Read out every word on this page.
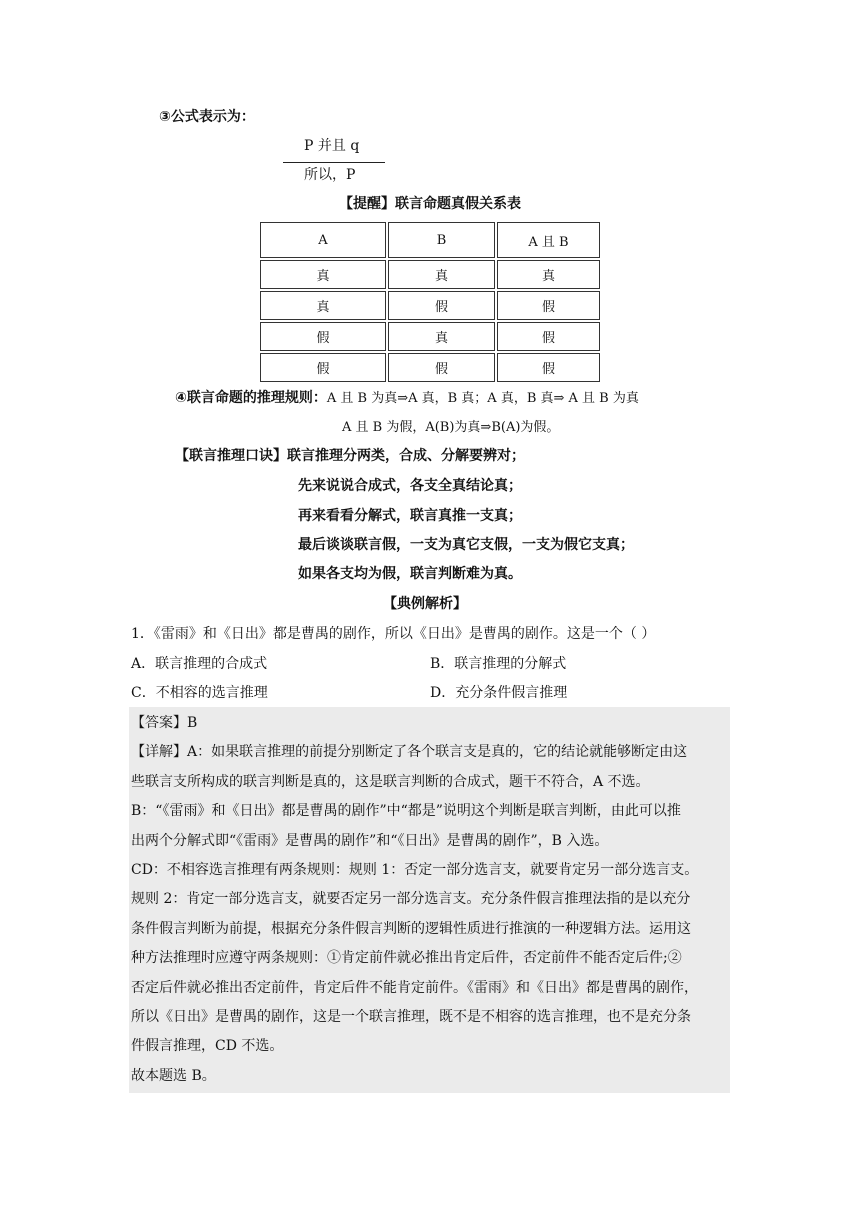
③公式表示为：
P 并且 q
所以，P
【提醒】联言命题真假关系表
A	B	A 且 B
真	真	真
真	假	假
假	真	假
假	假	假
④联言命题的推理规则：A 且 B 为真⇒A 真，B 真；A 真，B 真⇒ A 且 B 为真
A 且 B 为假，A(B)为真⇒B(A)为假。
【联言推理口诀】联言推理分两类，合成、分解要辨对；
先来说说合成式，各支全真结论真；
再来看看分解式，联言真推一支真；
最后谈谈联言假，一支为真它支假，一支为假它支真；
如果各支均为假，联言判断难为真。
【典例解析】
1．《雷雨》和《日出》都是曹禺的剧作，所以《日出》是曹禺的剧作。这是一个（ ）
A．联言推理的合成式	B．联言推理的分解式
C．不相容的选言推理	D．充分条件假言推理
【答案】B
【详解】A：如果联言推理的前提分别断定了各个联言支是真的，它的结论就能够断定由这
些联言支所构成的联言判断是真的，这是联言判断的合成式，题干不符合，A 不选。
B：“《雷雨》和《日出》都是曹禺的剧作”中“都是”说明这个判断是联言判断，由此可以推
出两个分解式即“《雷雨》是曹禺的剧作”和“《日出》是曹禺的剧作”，B 入选。
CD：不相容选言推理有两条规则：规则 1：否定一部分选言支，就要肯定另一部分选言支。
规则 2：肯定一部分选言支，就要否定另一部分选言支。充分条件假言推理法指的是以充分
条件假言判断为前提，根据充分条件假言判断的逻辑性质进行推演的一种逻辑方法。运用这
种方法推理时应遵守两条规则：①肯定前件就必推出肯定后件，否定前件不能否定后件;②
否定后件就必推出否定前件，肯定后件不能肯定前件。《雷雨》和《日出》都是曹禺的剧作，
所以《日出》是曹禺的剧作，这是一个联言推理，既不是不相容的选言推理，也不是充分条
件假言推理，CD 不选。
故本题选 B。
